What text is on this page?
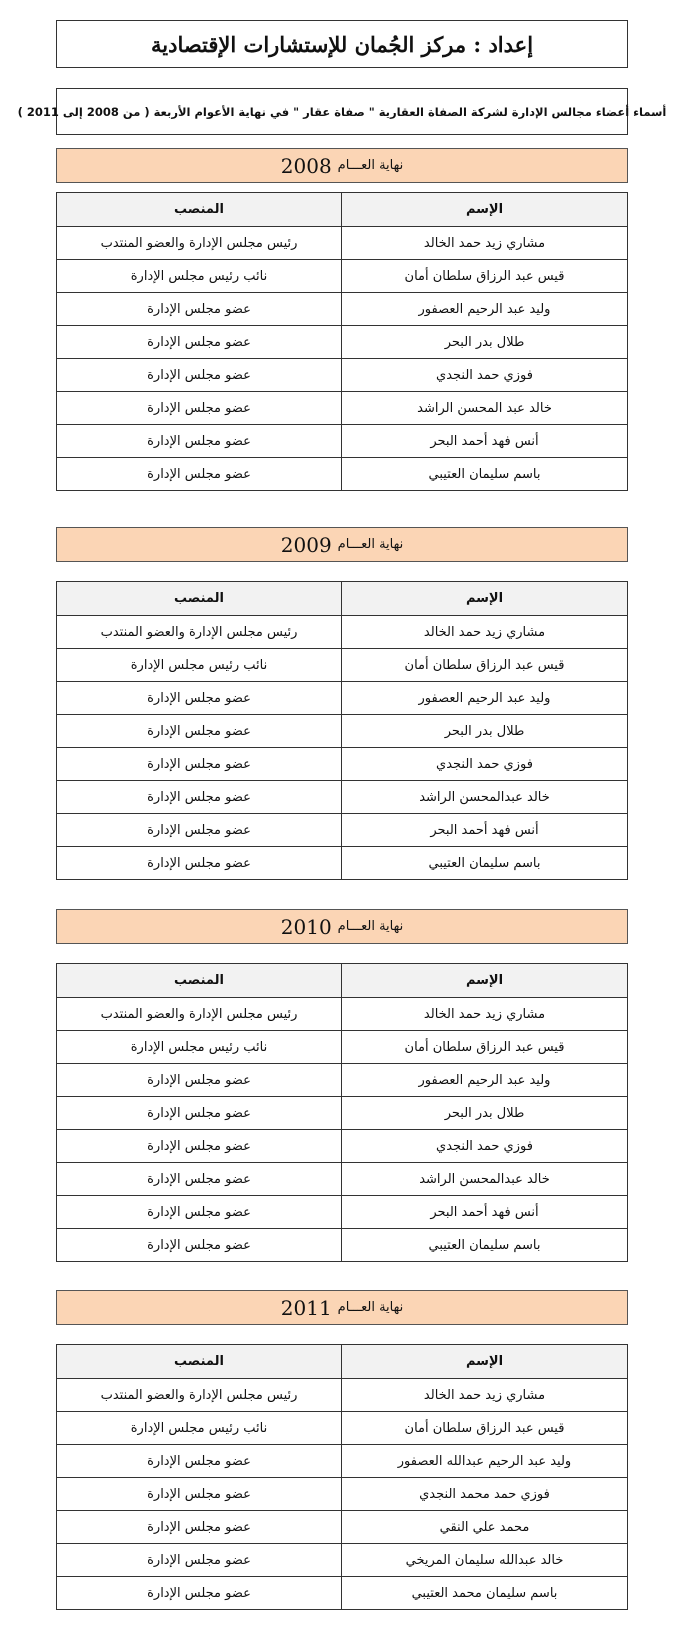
إعداد : مركز الجُمان للإستشارات الإقتصادية
أسماء أعضاء مجالس الإدارة لشركة الصفاة العقارية " صفاة عقار " في نهاية الأعوام الأربعة ( من 2008 إلى 2011 )
نهاية العـــام
2008
الإسم	المنصب
مشاري زيد حمد الخالد	رئيس مجلس الإدارة والعضو المنتدب
قيس عبد الرزاق سلطان أمان	نائب رئيس مجلس الإدارة
وليد عبد الرحيم العصفور	عضو مجلس الإدارة
طلال بدر البحر	عضو مجلس الإدارة
فوزي حمد النجدي	عضو مجلس الإدارة
خالد عبد المحسن الراشد	عضو مجلس الإدارة
أنس فهد أحمد البحر	عضو مجلس الإدارة
باسم سليمان العتيبي	عضو مجلس الإدارة
نهاية العـــام
2009
الإسم	المنصب
مشاري زيد حمد الخالد	رئيس مجلس الإدارة والعضو المنتدب
قيس عبد الرزاق سلطان أمان	نائب رئيس مجلس الإدارة
وليد عبد الرحيم العصفور	عضو مجلس الإدارة
طلال بدر البحر	عضو مجلس الإدارة
فوزي حمد النجدي	عضو مجلس الإدارة
خالد عبدالمحسن الراشد	عضو مجلس الإدارة
أنس فهد أحمد البحر	عضو مجلس الإدارة
باسم سليمان العتيبي	عضو مجلس الإدارة
نهاية العـــام
2010
الإسم	المنصب
مشاري زيد حمد الخالد	رئيس مجلس الإدارة والعضو المنتدب
قيس عبد الرزاق سلطان أمان	نائب رئيس مجلس الإدارة
وليد عبد الرحيم العصفور	عضو مجلس الإدارة
طلال بدر البحر	عضو مجلس الإدارة
فوزي حمد النجدي	عضو مجلس الإدارة
خالد عبدالمحسن الراشد	عضو مجلس الإدارة
أنس فهد أحمد البحر	عضو مجلس الإدارة
باسم سليمان العتيبي	عضو مجلس الإدارة
نهاية العـــام
2011
الإسم	المنصب
مشاري زيد حمد الخالد	رئيس مجلس الإدارة والعضو المنتدب
قيس عبد الرزاق سلطان أمان	نائب رئيس مجلس الإدارة
وليد عبد الرحيم عبدالله العصفور	عضو مجلس الإدارة
فوزي حمد محمد النجدي	عضو مجلس الإدارة
محمد علي النقي	عضو مجلس الإدارة
خالد عبدالله سليمان المريخي	عضو مجلس الإدارة
باسم سليمان محمد العتيبي	عضو مجلس الإدارة
